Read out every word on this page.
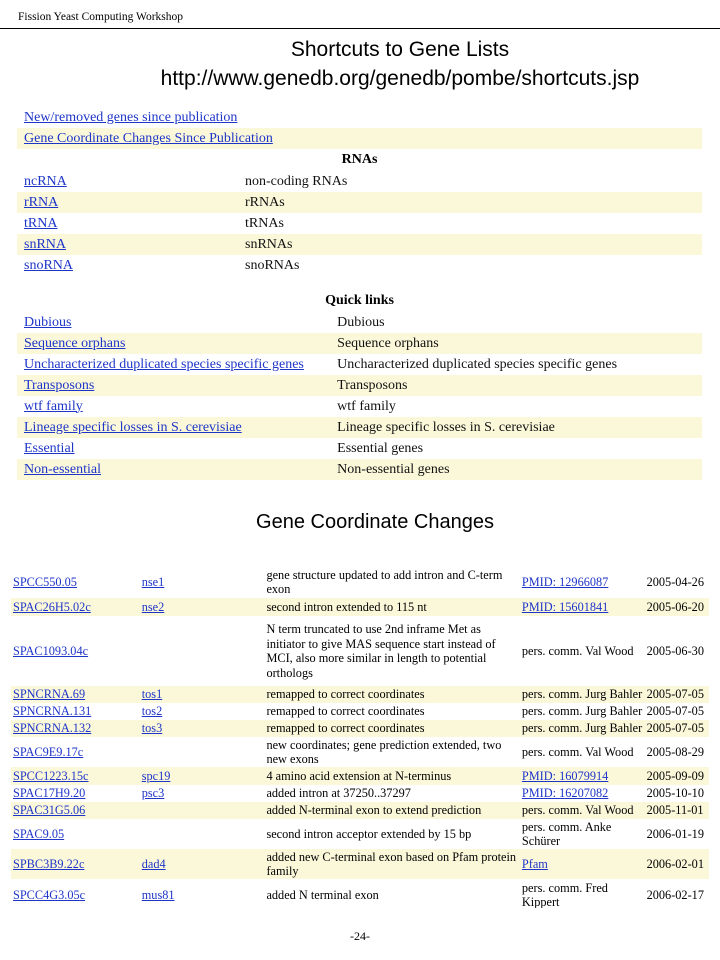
Fission Yeast Computing Workshop
Shortcuts to Gene Lists
http://www.genedb.org/genedb/pombe/shortcuts.jsp
New/removed genes since publication		
Gene Coordinate Changes Since Publication		
RNAs		
ncRNA	non-coding RNAs	
rRNA	rRNAs	
tRNA	tRNAs	
snRNA	snRNAs	
snoRNA	snoRNAs	

Quick links		
Dubious		Dubious
Sequence orphans		Sequence orphans
Uncharacterized duplicated species specific genes		Uncharacterized duplicated species specific genes
Transposons		Transposons
wtf family		wtf family
Lineage specific losses in S. cerevisiae		Lineage specific losses in S. cerevisiae
Essential		Essential genes
Non-essential		Non-essential genes
Gene Coordinate Changes
SPCC550.05	nse1	gene structure updated to add intron and C-term exon	PMID: 12966087	2005-04-26
SPAC26H5.02c	nse2	second intron extended to 115 nt	PMID: 15601841	2005-06-20
SPAC1093.04c		N term truncated to use 2nd inframe Met as initiator to give MAS sequence start instead of MCI, also more similar in length to potential orthologs	pers. comm. Val Wood	2005-06-30
SPNCRNA.69	tos1	remapped to correct coordinates	pers. comm. Jurg Bahler	2005-07-05
SPNCRNA.131	tos2	remapped to correct coordinates	pers. comm. Jurg Bahler	2005-07-05
SPNCRNA.132	tos3	remapped to correct coordinates	pers. comm. Jurg Bahler	2005-07-05
SPAC9E9.17c		new coordinates; gene prediction extended, two new exons	pers. comm. Val Wood	2005-08-29
SPCC1223.15c	spc19	4 amino acid extension at N-terminus	PMID: 16079914	2005-09-09
SPAC17H9.20	psc3	added intron at 37250..37297	PMID: 16207082	2005-10-10
SPAC31G5.06		added N-terminal exon to extend prediction	pers. comm. Val Wood	2005-11-01
SPAC9.05		second intron acceptor extended by 15 bp	pers. comm. Anke Schürer	2006-01-19
SPBC3B9.22c	dad4	added new C-terminal exon based on Pfam protein family	Pfam	2006-02-01
SPCC4G3.05c	mus81	added N terminal exon	pers. comm. Fred Kippert	2006-02-17
-24-
